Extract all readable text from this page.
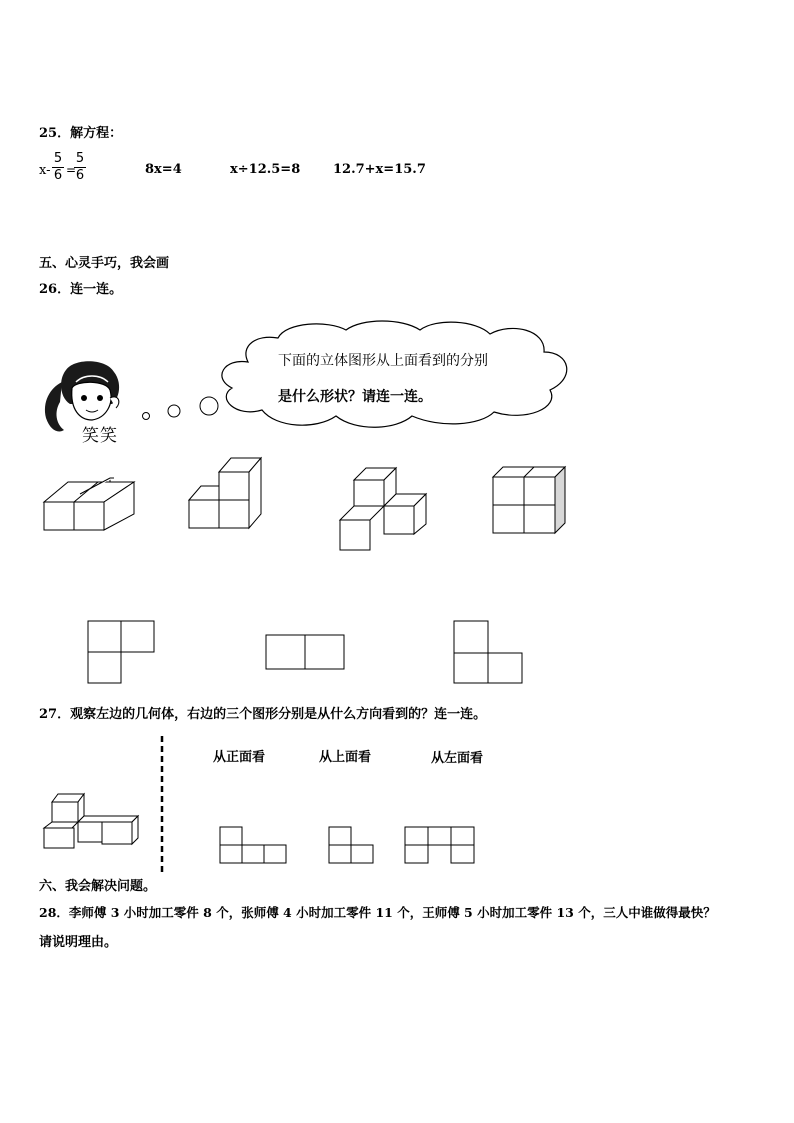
25．解方程：
x-
5
6 =
5
6	8x=4	x÷12.5=8	12.7+x=15.7
五、心灵手巧，我会画
26．连一连。
笑笑
下面的立体图形从上面看到的分别
是什么形状？请连一连。
27．观察左边的几何体，右边的三个图形分别是从什么方向看到的？连一连。
从正面看	从上面看	从左面看
六、我会解决问题。
28．李师傅 3 小时加工零件 8 个，张师傅 4 小时加工零件 11 个，王师傅 5 小时加工零件 13 个，三人中谁做得最快？
请说明理由。
